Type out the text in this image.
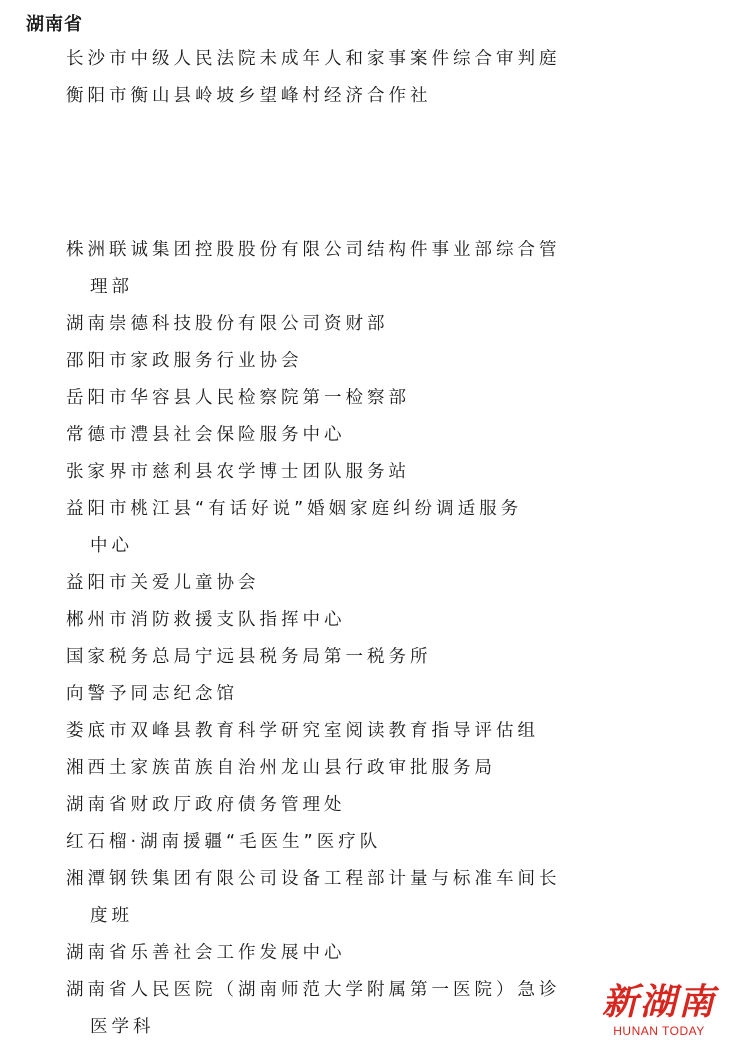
湖南省
长沙市中级人民法院未成年人和家事案件综合审判庭
衡阳市衡山县岭坡乡望峰村经济合作社
株洲联诚集团控股股份有限公司结构件事业部综合管
理部
湖南崇德科技股份有限公司资财部
邵阳市家政服务行业协会
岳阳市华容县人民检察院第一检察部
常德市澧县社会保险服务中心
张家界市慈利县农学博士团队服务站
益阳市桃江县“有话好说”婚姻家庭纠纷调适服务
中心
益阳市关爱儿童协会
郴州市消防救援支队指挥中心
国家税务总局宁远县税务局第一税务所
向警予同志纪念馆
娄底市双峰县教育科学研究室阅读教育指导评估组
湘西土家族苗族自治州龙山县行政审批服务局
湖南省财政厅政府债务管理处
红石榴·湖南援疆“毛医生”医疗队
湘潭钢铁集团有限公司设备工程部计量与标准车间长
度班
湖南省乐善社会工作发展中心
湖南省人民医院（湖南师范大学附属第一医院）急诊
医学科
新湖南
HUNAN TODAY
